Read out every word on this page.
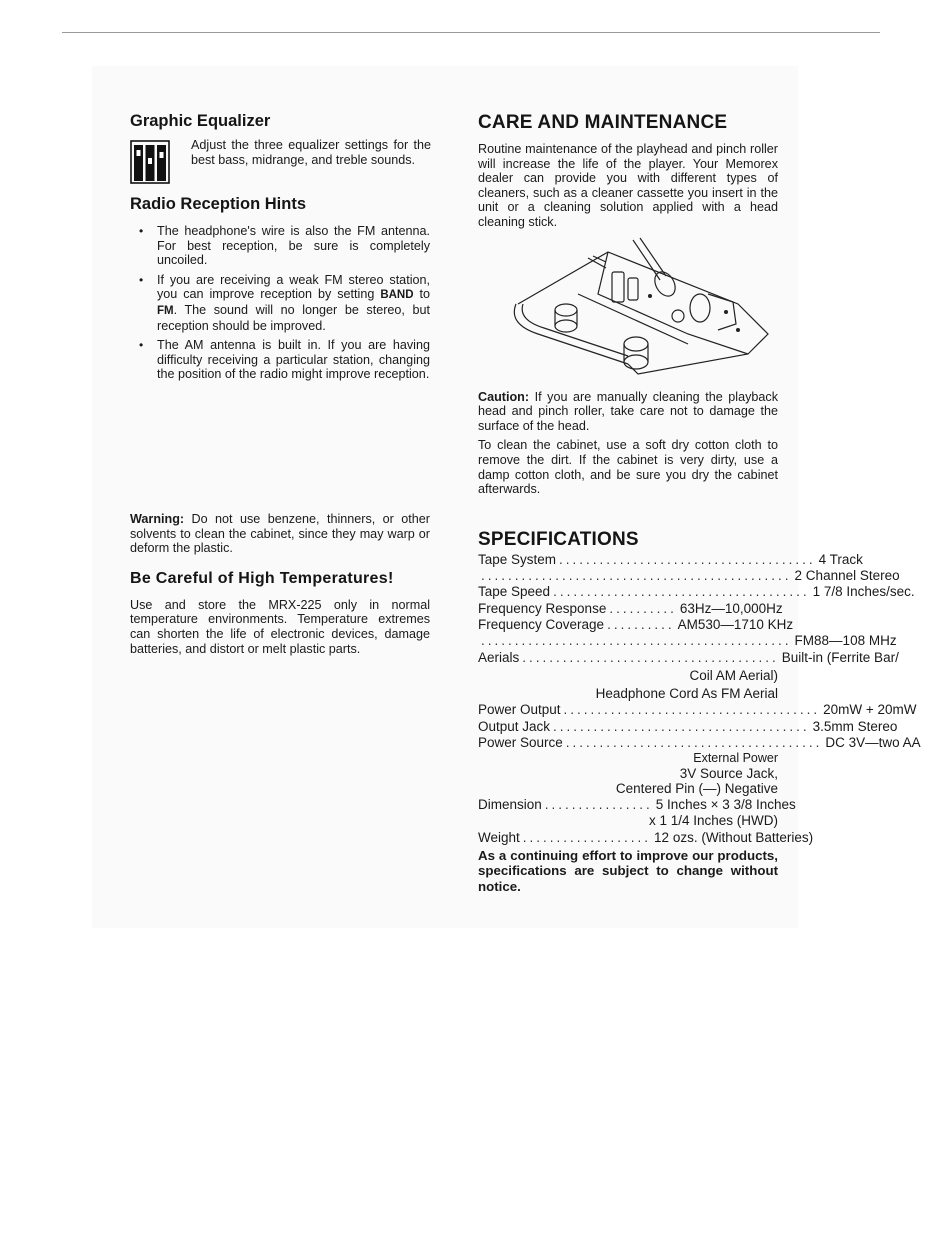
Graphic Equalizer
Adjust the three equalizer settings for the best bass, midrange, and treble sounds.
Radio Reception Hints
• The headphone's wire is also the FM antenna. For best reception, be sure is completely uncoiled.
• If you are receiving a weak FM stereo station, you can improve reception by setting BAND to FM. The sound will no longer be stereo, but reception should be improved.
• The AM antenna is built in. If you are having difficulty receiving a particular station, changing the position of the radio might improve reception.

Warning: Do not use benzene, thinners, or other solvents to clean the cabinet, since they may warp or deform the plastic.

Be Careful of High Temperatures!

Use and store the MRX-225 only in normal temperature environments. Temperature extremes can shorten the life of electronic devices, damage batteries, and distort or melt plastic parts.

CARE AND MAINTENANCE

Routine maintenance of the playhead and pinch roller will increase the life of the player. Your Memorex dealer can provide you with different types of cleaners, such as a cleaner cassette you insert in the unit or a cleaning solution applied with a head cleaning stick.

Caution: If you are manually cleaning the playback head and pinch roller, take care not to damage the surface of the head.

To clean the cabinet, use a soft dry cotton cloth to remove the dirt. If the cabinet is very dirty, use a damp cotton cloth, and be sure you dry the cabinet afterwards.

SPECIFICATIONS
Tape System ...................................... 4 Track
.............................................. 2 Channel Stereo
Tape Speed ...................................... 1 7/8 Inches/sec.
Frequency Response .......... 63Hz—10,000Hz
Frequency Coverage .......... AM530—1710 KHz
.............................................. FM88—108 MHz
Aerials ...................................... Built-in (Ferrite Bar/
Coil AM Aerial)
Headphone Cord As FM Aerial
Power Output ...................................... 20mW + 20mW
Output Jack ...................................... 3.5mm Stereo
Power Source ...................................... DC 3V—two AA
External Power
3V Source Jack,
Centered Pin (—) Negative
Dimension ................ 5 Inches × 3 3/8 Inches
x 1 1/4 Inches (HWD)
Weight ................... 12 ozs. (Without Batteries)

As a continuing effort to improve our products, specifications are subject to change without notice.
